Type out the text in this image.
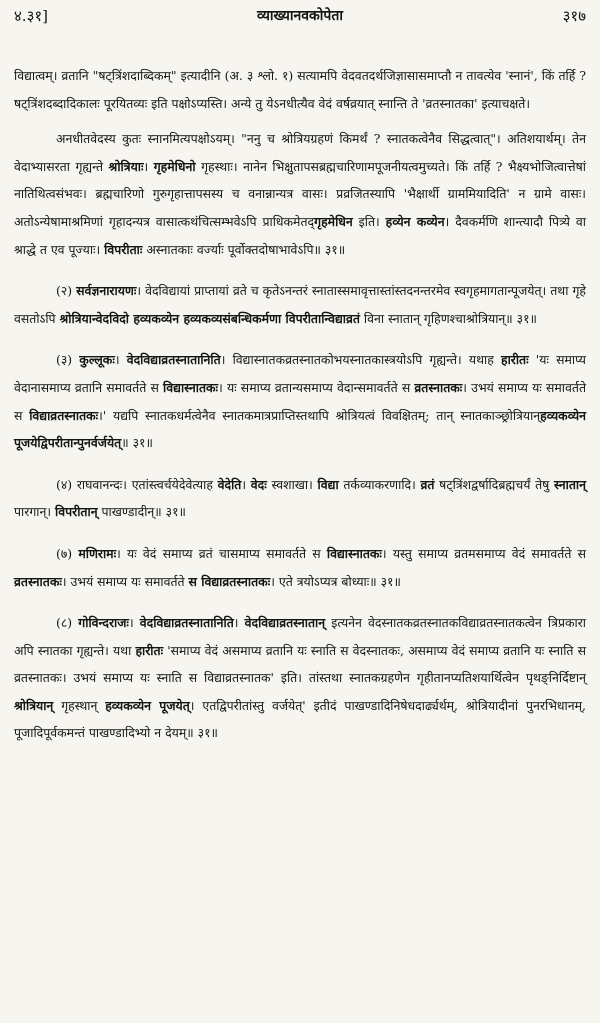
४.३१]	व्याख्यानवकोपेता	३१७

विद्यात्वम्। व्रतानि "षट्त्रिंशदाब्दिकम्" इत्यादीनि (अ. ३ श्लो. १) सत्यामपि वेदवतदर्थजिज्ञासासमाप्तौ न तावत्येव 'स्नानं', किं तर्हि ? षट्त्रिंशदब्दादिकालः पूरयितव्यः इति पक्षोऽप्यस्ति। अन्ये तु येऽनधीत्यैव वेदं वर्षव्रयात् स्नान्ति ते 'व्रतस्नातका' इत्याचक्षते।

अनधीतवेदस्य कुतः स्नानमित्यपक्षोऽयम्। "ननु च श्रोत्रियग्रहणं किमर्थं ? स्नातकत्वेनैव सिद्धत्वात्"। अतिशयार्थम्। तेन वेदाभ्यासरता गृह्यन्ते श्रोत्रियाः। गृहमेधिनो गृहस्थाः। नानेन भिक्षुतापसब्रह्मचारिणामपूजनीयत्वमुच्यते। किं तर्हि ? भैक्ष्यभोजित्वात्तेषां नातिथित्वसंभवः। ब्रह्मचारिणो गुरुगृहात्तापसस्य च वनान्नान्यत्र वासः। प्रव्रजितस्यापि 'भैक्षार्थी ग्राममियादिति' न ग्रामे वासः। अतोऽन्येषामाश्रमिणां गृहादन्यत्र वासात्कथंचित्सम्भवेऽपि प्राधिकमेतद्गृहमेधिन इति। हव्येन कव्येन। दैवकर्मणि शान्त्यादौ पित्र्ये वा श्राद्धे त एव पूज्याः। विपरीताः अस्नातकाः वर्ज्याः पूर्वोक्तदोषाभावेऽपि॥ ३१॥

(२) सर्वज्ञनारायणः। वेदविद्यायां प्राप्तायां व्रते च कृतेऽनन्तरं स्नातास्समावृत्तास्तांस्तदनन्तरमेव स्वगृहमागतान्पूजयेत्। तथा गृहे वसतोऽपि श्रोत्रियान्वेदविदो हव्यकव्येन हव्यकव्यसंबन्धिकर्मणा विपरीतान्विद्याव्रतं विना स्नातान् गृहिणश्चाश्रोत्रियान्॥ ३१॥

(३) कुल्लूकः। वेदविद्याव्रतस्नातानिति। विद्यास्नातकव्रतस्नातकोभयस्नातकास्त्रयोऽपि गृह्यन्ते। यथाह हारीतः 'यः समाप्य वेदानासमाप्य व्रतानि समावर्तते स विद्यास्नातकः। यः समाप्य व्रतान्यसमाप्य वेदान्समावर्तते स व्रतस्नातकः। उभयं समाप्य यः समावर्तते स विद्याव्रतस्नातकः।' यद्यपि स्नातकधर्मत्वेनैव स्नातकमात्रप्राप्तिस्तथापि श्रोत्रियत्वं विवक्षितम्; तान् स्नातकाञ्छ्रोत्रियान्हव्यकव्येन पूजयेद्विपरीतान्पुनर्वर्जयेत्॥ ३१॥

(४) राघवानन्दः। एतांस्त्वर्चयेदेवेत्याह वेदेति। वेदः स्वशाखा। विद्या तर्कव्याकरणादि। व्रतं षट्त्रिंशद्वर्षादिब्रह्मचर्यं तेषु स्नातान् पारगान्। विपरीतान् पाखण्डादीन्॥ ३१॥

(७) मणिरामः। यः वेदं समाप्य व्रतं चासमाप्य समावर्तते स विद्यास्नातकः। यस्तु समाप्य व्रतमसमाप्य वेदं समावर्तते स व्रतस्नातकः। उभयं समाप्य यः समावर्तते स विद्याव्रतस्नातकः। एते त्रयोऽप्यत्र बोध्याः॥ ३१॥

(८) गोविन्दराजः। वेदविद्याव्रतस्नातानिति। वेदविद्याव्रतस्नातान् इत्यनेन वेदस्नातकव्रतस्नातकविद्याव्रतस्नातकत्वेन त्रिप्रकारा अपि स्नातका गृह्यन्ते। यथा हारीतः 'समाप्य वेदं असमाप्य व्रतानि यः स्नाति स वेदस्नातकः, असमाप्य वेदं समाप्य व्रतानि यः स्नाति स व्रतस्नातकः। उभयं समाप्य यः स्नाति स विद्याव्रतस्नातक' इति। तांस्तथा स्नातकग्रहणेन गृहीतानप्यतिशयार्थित्वेन पृथङ्निर्दिष्टान् श्रोत्रियान् गृहस्थान् हव्यकव्येन पूजयेत्। एतद्विपरीतांस्तु वर्जयेत्' इतीदं पाखण्डादिनिषेधदार्ढ्यर्थम्, श्रोत्रियादीनां पुनरभिधानम्, पूजादिपूर्वकमन्तं पाखण्डादिभ्यो न देयम्॥ ३१॥
